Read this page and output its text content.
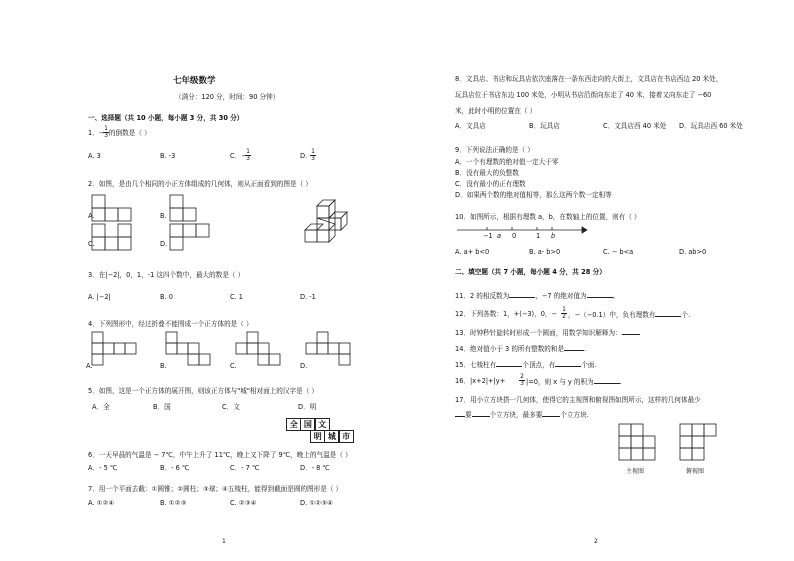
七年级数学
（满分：120 分，时间：90 分钟）
一、选择题（共 10 小题，每小题 3 分，共 30 分）
1．−
$\frac{1}{3}$ 的倒数是（ ）
A. 3	B. -3	C．−
$\frac{1}{3}$	D．
$\frac{1}{3}$
2．如图，是由几个相同的小正方体组成的几何体，则从正面看到的图是（ ）
A.	B.
C.	D.
3．在|−2|，0，1，-1 这四个数中，最大的数是（ ）
A. |−2|	B. 0	C. 1	D. -1
4．下列图形中，经过折叠不能围成一个正方体的是（ ）
A.	B.	C.	D.
5．如图，这是一个正方体的展开图，则该正方体与"城"相对面上的汉字是（ ）
A．全	B．国	C．文	D．明
全 国 文
明 城 市
6．一天早晨的气温是 − 7℃，中午上升了 11℃，晚上又下降了 9℃，晚上的气温是（ ）
A．- 5 ℃	B．- 6 ℃	C．- 7 ℃	D．- 8 ℃
7．用一个平面去截：①圆锥；②圆柱；③球；④五棱柱，能得到截面是圆的图形是（ ）
A. ①②④	B. ①②③	C. ②③④	D. ①②③④
1
8．文具店、书店和玩具店依次座落在一条东西走向的大街上，文具店在书店西边 20 米处，
玩具店位于书店东边 100 米处，小明从书店沿街向东走了 40 米，接着又向东走了 −60
米，此时小明的位置在（ ）
A．文具店	B．玩具店	C．文具店西 40 米处 D．玩具店西 60 米处
9．下列说法正确的是（ ）
A．一个有理数的绝对值一定大于零
B．没有最大的负整数
C．没有最小的正有理数
D．如果两个数的绝对值相等，那么这两个数一定相等
10．如图所示，根据有理数 a，b，在数轴上的位置，则有（ ）
−1 a 0	1 b
A. a+ b<0	B. a- b>0	C. − b<a	D. ab>0
二、填空题（共 7 小题，每小题 4 分，共 28 分）
11．2 的相反数为	，−7 的绝对值为	。
12．下列各数：1，+(−3)，0，− $\frac{1}{2}$ ，−（−0.1）中，负有理数有	个.
13．时钟秒针旋转时形成一个圆面，用数学知识解释为：
14．绝对值小于 3 的所有整数的和是	.
15．七棱柱有	个顶点，有	个面.
16．$|x+2|+|y+ \frac{2}{3} |=0$，则 x 与 y 的积为	.
17．用小立方块搭一几何体，使得它的主视图和俯视图如图所示，这样的几何体最少
要	个立方块，最多要	个立方块.
主视图	俯视图
2
